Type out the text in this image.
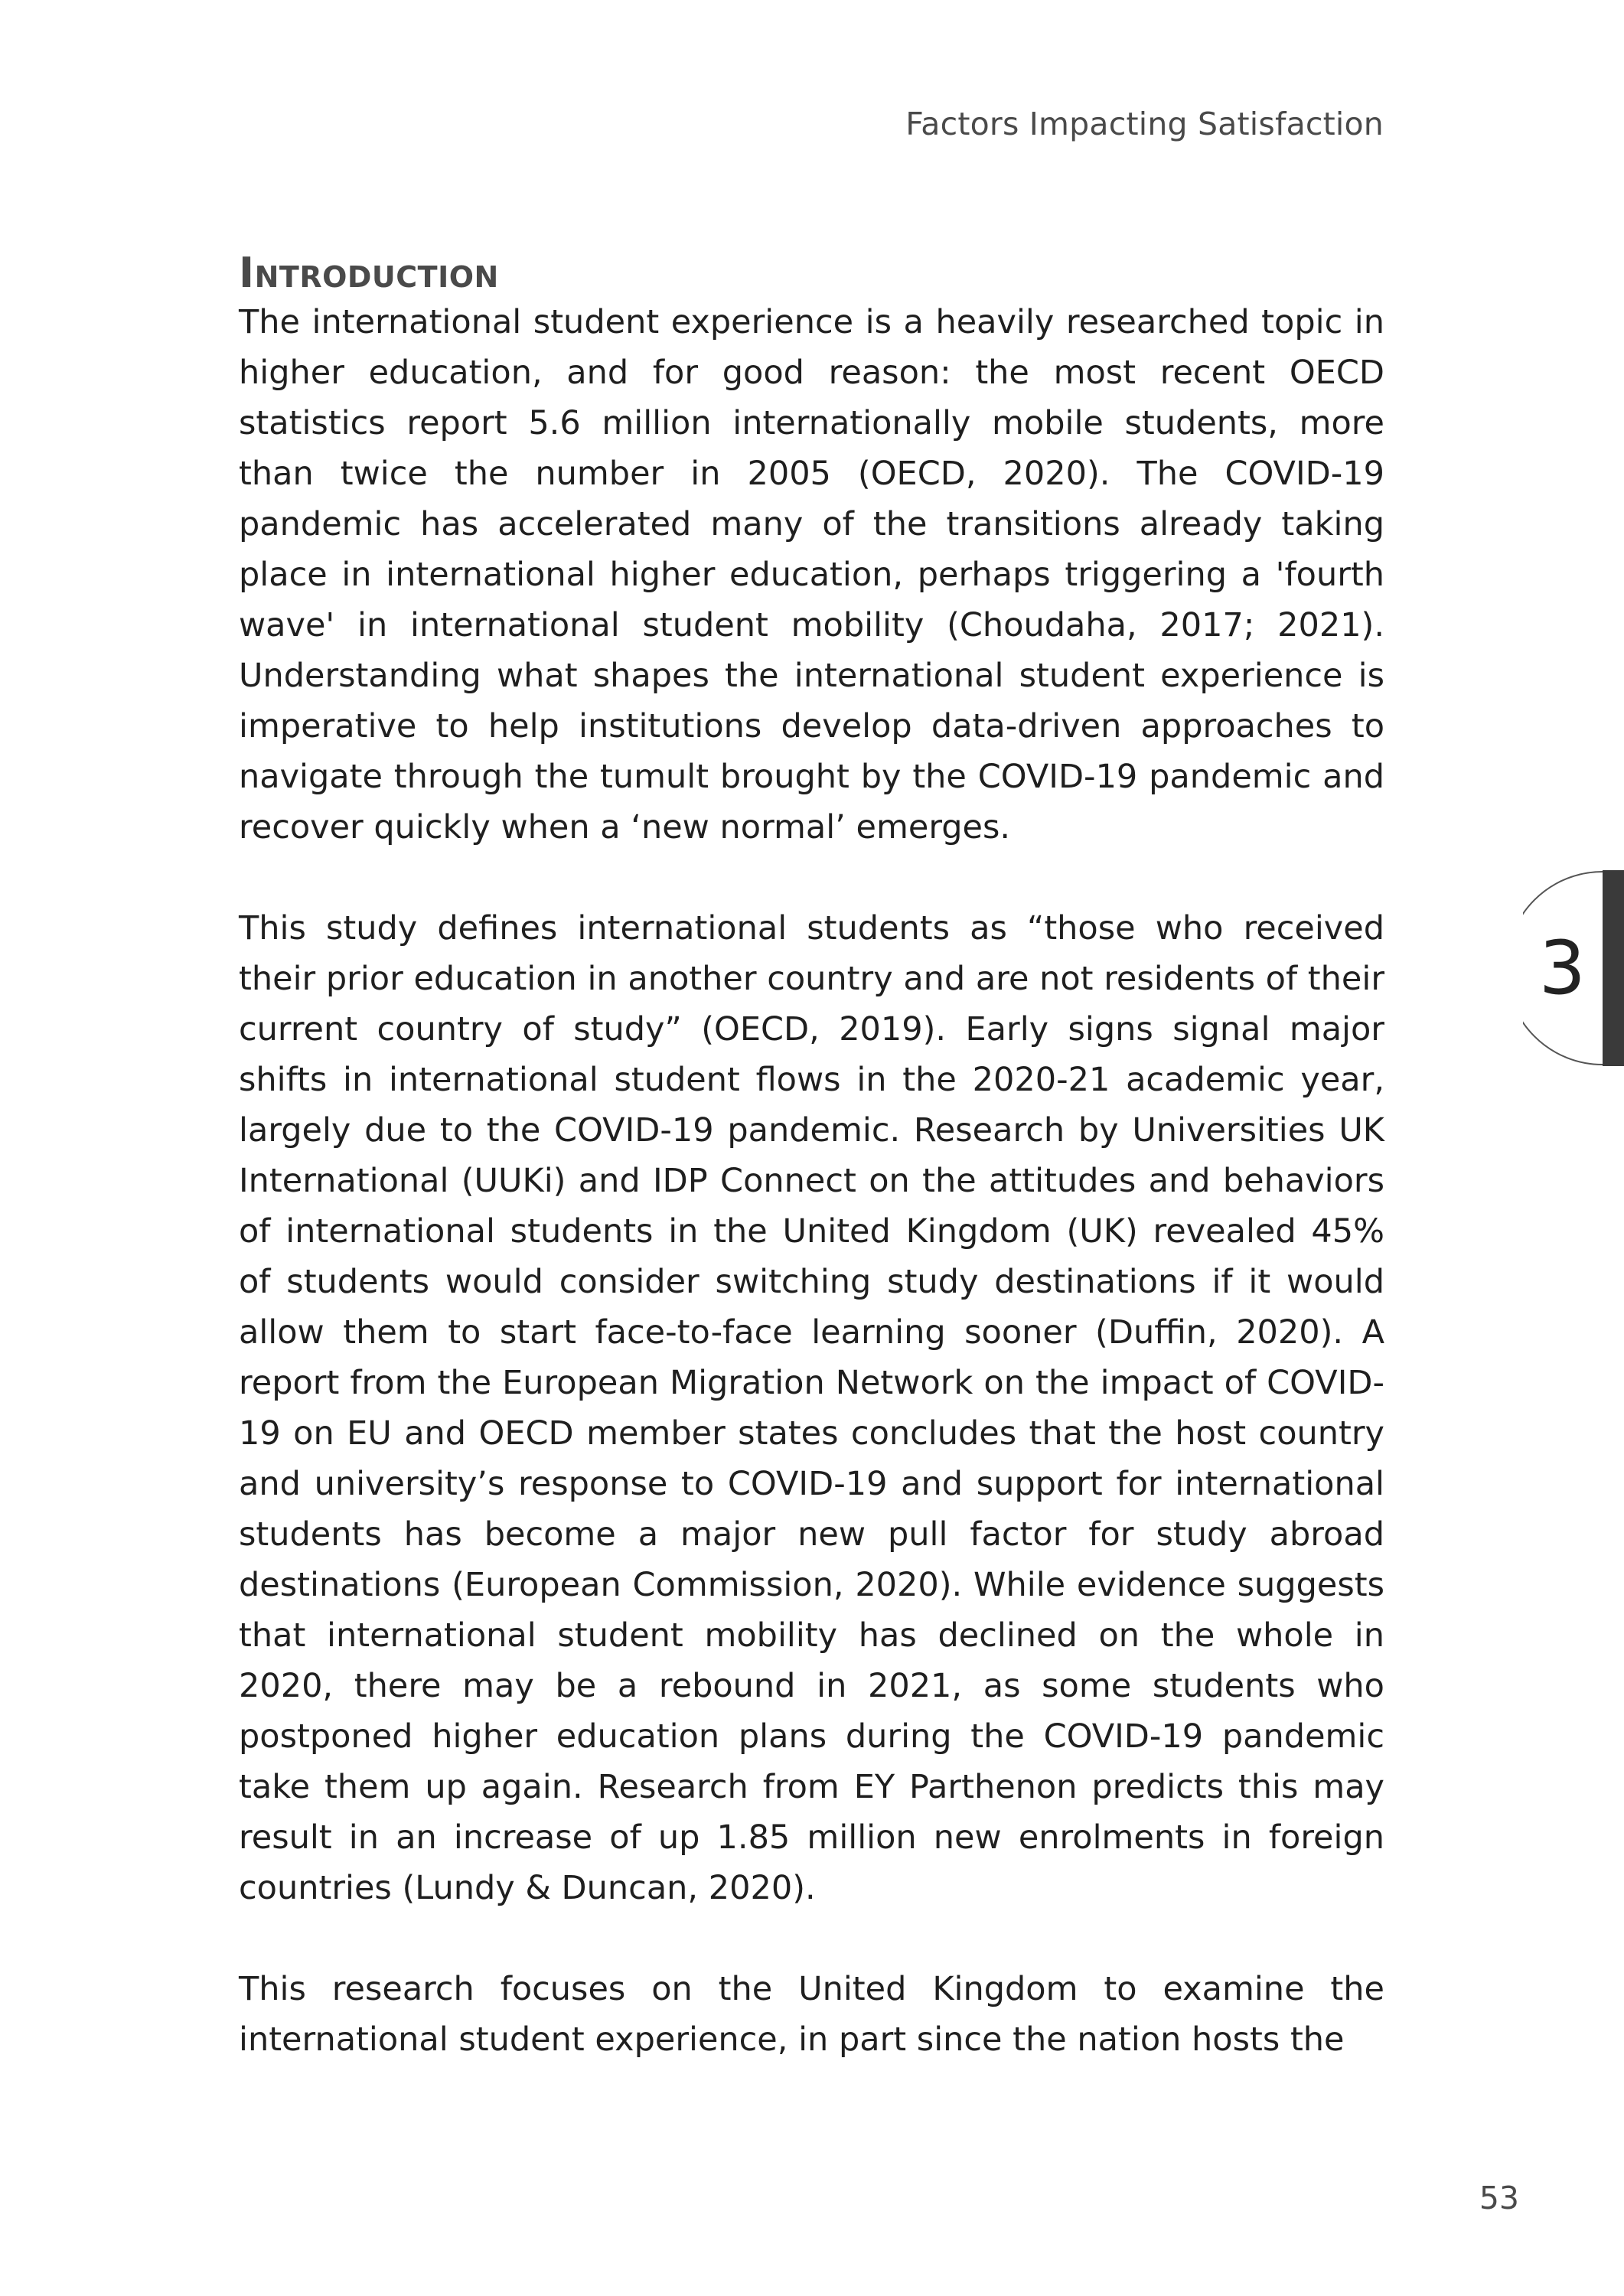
Factors Impacting Satisfaction
Introduction

The international student experience is a heavily researched topic in higher education, and for good reason: the most recent OECD statistics report 5.6 million internationally mobile students, more than twice the number in 2005 (OECD, 2020). The COVID-19 pandemic has accelerated many of the transitions already taking place in international higher education, perhaps triggering a 'fourth wave' in international student mobility (Choudaha, 2017; 2021). Understanding what shapes the international student experience is imperative to help institutions develop data-driven approaches to navigate through the tumult brought by the COVID-19 pandemic and recover quickly when a ‘new normal’ emerges.

This study defines international students as “those who received their prior education in another country and are not residents of their current country of study” (OECD, 2019). Early signs signal major shifts in international student flows in the 2020-21 academic year, largely due to the COVID-19 pandemic. Research by Universities UK International (UUKi) and IDP Connect on the attitudes and behaviors of international students in the United Kingdom (UK) revealed 45% of students would consider switching study destinations if it would allow them to start face-to-face learning sooner (Duffin, 2020). A report from the European Migration Network on the impact of COVID-19 on EU and OECD member states concludes that the host country and university’s response to COVID-19 and support for international students has become a major new pull factor for study abroad destinations (European Commission, 2020). While evidence suggests that international student mobility has declined on the whole in 2020, there may be a rebound in 2021, as some students who postponed higher education plans during the COVID-19 pandemic take them up again. Research from EY Parthenon predicts this may result in an increase of up 1.85 million new enrolments in foreign countries (Lundy & Duncan, 2020).

This research focuses on the United Kingdom to examine the international student experience, in part since the nation hosts the

3
53
